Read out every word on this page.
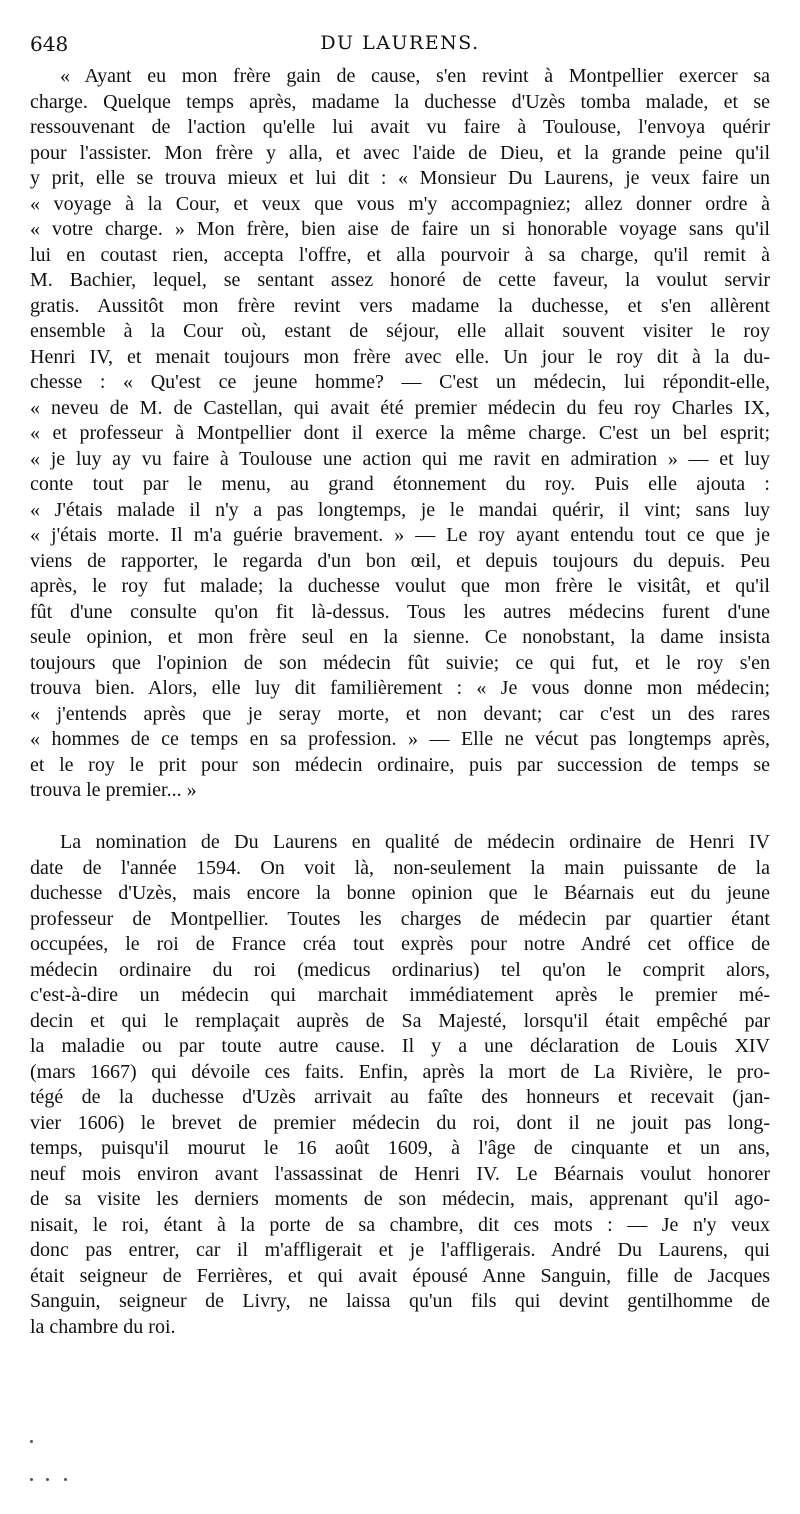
648	DU LAURENS.
« Ayant eu mon frère gain de cause, s'en revint à Montpellier exercer sa
charge. Quelque temps après, madame la duchesse d'Uzès tomba malade, et se
ressouvenant de l'action qu'elle lui avait vu faire à Toulouse, l'envoya quérir
pour l'assister. Mon frère y alla, et avec l'aide de Dieu, et la grande peine qu'il
y prit, elle se trouva mieux et lui dit : « Monsieur Du Laurens, je veux faire un
« voyage à la Cour, et veux que vous m'y accompagniez; allez donner ordre à
« votre charge. » Mon frère, bien aise de faire un si honorable voyage sans qu'il
lui en coutast rien, accepta l'offre, et alla pourvoir à sa charge, qu'il remit à
M. Bachier, lequel, se sentant assez honoré de cette faveur, la voulut servir
gratis. Aussitôt mon frère revint vers madame la duchesse, et s'en allèrent
ensemble à la Cour où, estant de séjour, elle allait souvent visiter le roy
Henri IV, et menait toujours mon frère avec elle. Un jour le roy dit à la du-
chesse : « Qu'est ce jeune homme? — C'est un médecin, lui répondit-elle,
« neveu de M. de Castellan, qui avait été premier médecin du feu roy Charles IX,
« et professeur à Montpellier dont il exerce la même charge. C'est un bel esprit;
« je luy ay vu faire à Toulouse une action qui me ravit en admiration » — et luy
conte tout par le menu, au grand étonnement du roy. Puis elle ajouta :
« J'étais malade il n'y a pas longtemps, je le mandai quérir, il vint; sans luy
« j'étais morte. Il m'a guérie bravement. » — Le roy ayant entendu tout ce que je
viens de rapporter, le regarda d'un bon œil, et depuis toujours du depuis. Peu
après, le roy fut malade; la duchesse voulut que mon frère le visitât, et qu'il
fût d'une consulte qu'on fit là-dessus. Tous les autres médecins furent d'une
seule opinion, et mon frère seul en la sienne. Ce nonobstant, la dame insista
toujours que l'opinion de son médecin fût suivie; ce qui fut, et le roy s'en
trouva bien. Alors, elle luy dit familièrement : « Je vous donne mon médecin;
« j'entends après que je seray morte, et non devant; car c'est un des rares
« hommes de ce temps en sa profession. » — Elle ne vécut pas longtemps après,
et le roy le prit pour son médecin ordinaire, puis par succession de temps se
trouva le premier... »
La nomination de Du Laurens en qualité de médecin ordinaire de Henri IV
date de l'année 1594. On voit là, non-seulement la main puissante de la
duchesse d'Uzès, mais encore la bonne opinion que le Béarnais eut du jeune
professeur de Montpellier. Toutes les charges de médecin par quartier étant
occupées, le roi de France créa tout exprès pour notre André cet office de
médecin ordinaire du roi (medicus ordinarius) tel qu'on le comprit alors,
c'est-à-dire un médecin qui marchait immédiatement après le premier mé-
decin et qui le remplaçait auprès de Sa Majesté, lorsqu'il était empêché par
la maladie ou par toute autre cause. Il y a une déclaration de Louis XIV
(mars 1667) qui dévoile ces faits. Enfin, après la mort de La Rivière, le pro-
tégé de la duchesse d'Uzès arrivait au faîte des honneurs et recevait (jan-
vier 1606) le brevet de premier médecin du roi, dont il ne jouit pas long-
temps, puisqu'il mourut le 16 août 1609, à l'âge de cinquante et un ans,
neuf mois environ avant l'assassinat de Henri IV. Le Béarnais voulut honorer
de sa visite les derniers moments de son médecin, mais, apprenant qu'il ago-
nisait, le roi, étant à la porte de sa chambre, dit ces mots : — Je n'y veux
donc pas entrer, car il m'affligerait et je l'affligerais. André Du Laurens, qui
était seigneur de Ferrières, et qui avait épousé Anne Sanguin, fille de Jacques
Sanguin, seigneur de Livry, ne laissa qu'un fils qui devint gentilhomme de
la chambre du roi.
